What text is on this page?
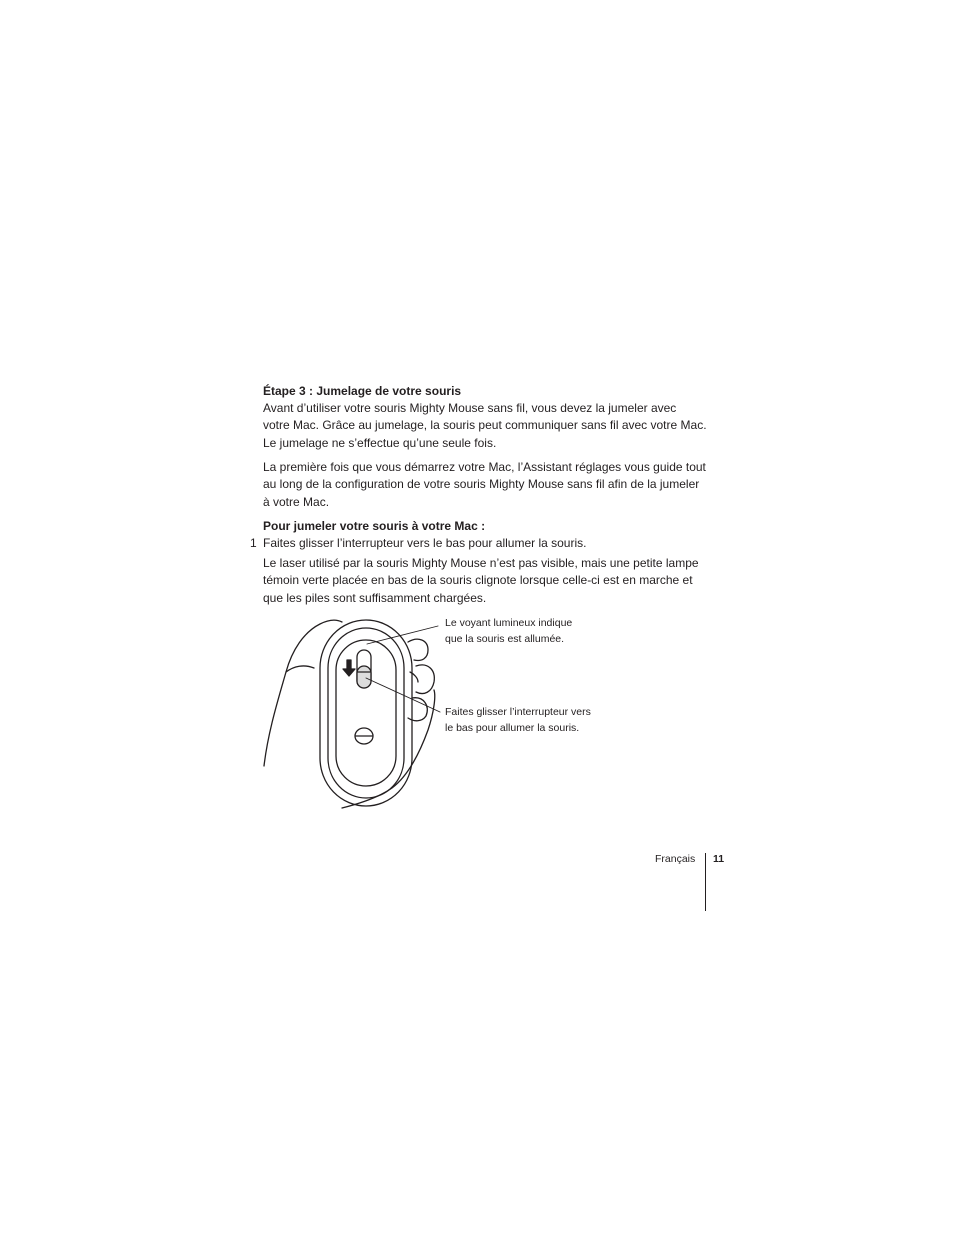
Étape 3 : Jumelage de votre souris
Avant d’utiliser votre souris Mighty Mouse sans fil, vous devez la jumeler avec
votre Mac. Grâce au jumelage, la souris peut communiquer sans fil avec votre Mac.
Le jumelage ne s’effectue qu’une seule fois.
La première fois que vous démarrez votre Mac, l’Assistant réglages vous guide tout
au long de la configuration de votre souris Mighty Mouse sans fil afin de la jumeler
à votre Mac.
Pour jumeler votre souris à votre Mac :
1 Faites glisser l’interrupteur vers le bas pour allumer la souris.
Le laser utilisé par la souris Mighty Mouse n’est pas visible, mais une petite lampe
témoin verte placée en bas de la souris clignote lorsque celle-ci est en marche et
que les piles sont suffisamment chargées.
Le voyant lumineux indique
que la souris est allumée.
Faites glisser l’interrupteur vers
le bas pour allumer la souris.
Français 11
